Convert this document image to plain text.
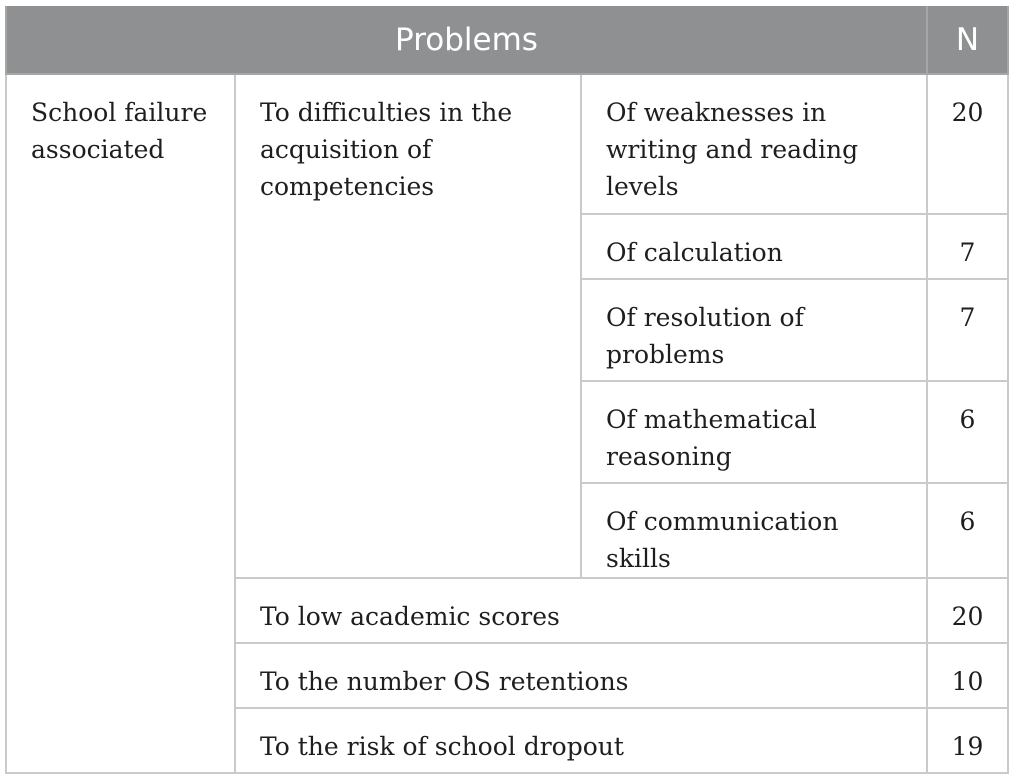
Problems			N
School failure associated	To difficulties in the acquisition of competencies	Of weaknesses in writing and reading levels	20
		Of calculation	7
		Of resolution of problems	7
		Of mathematical reasoning	6
		Of communication skills	6
	To low academic scores		20
	To the number OS retentions		10
	To the risk of school dropout		19
